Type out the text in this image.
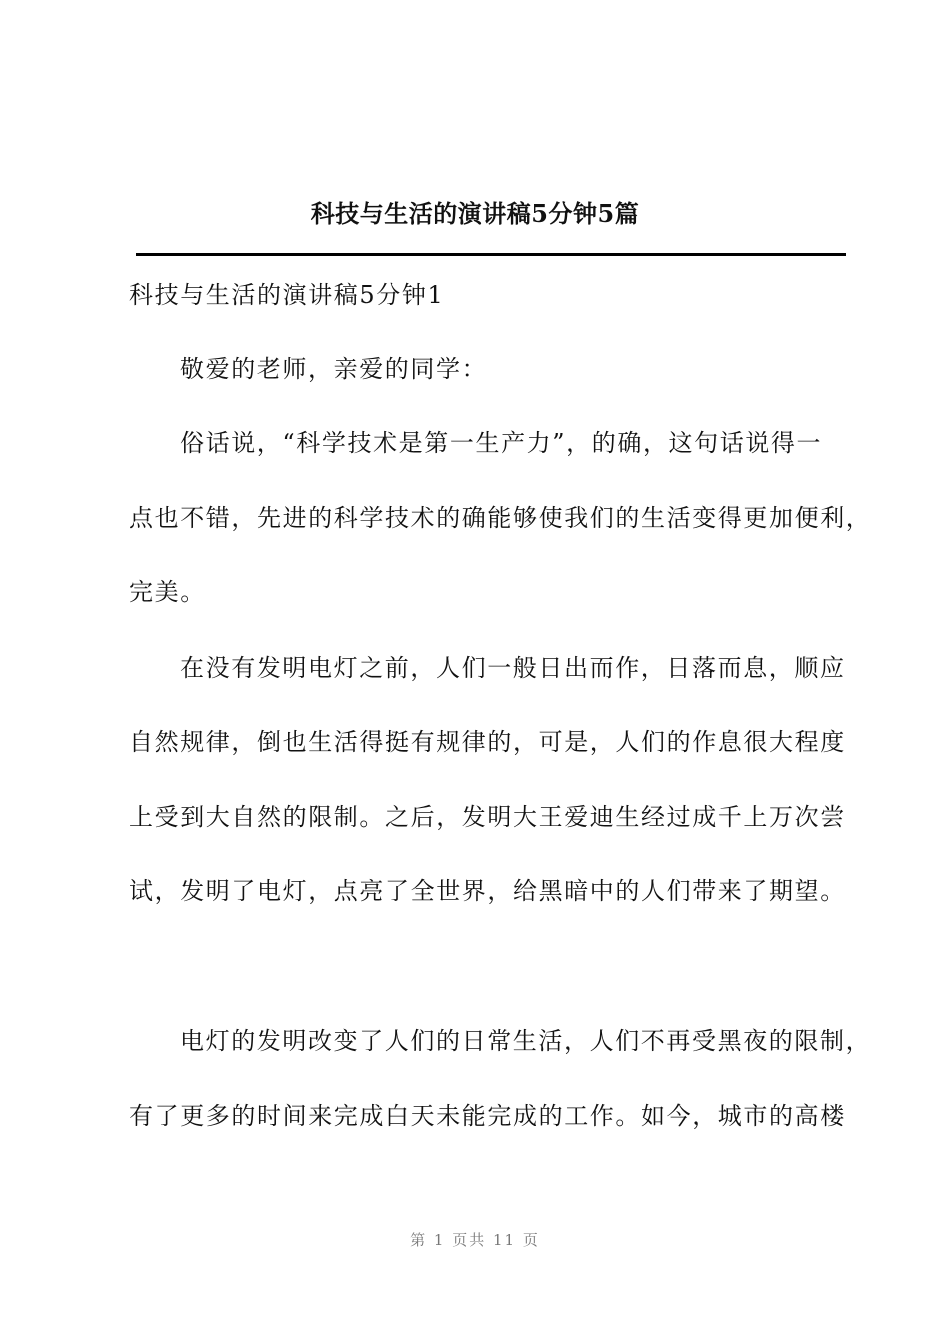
科技与生活的演讲稿5分钟5篇
科技与生活的演讲稿5分钟1
敬爱的老师，亲爱的同学：
俗话说，“科学技术是第一生产力”，的确，这句话说得一
点也不错，先进的科学技术的确能够使我们的生活变得更加便利，
完美。
在没有发明电灯之前，人们一般日出而作，日落而息，顺应
自然规律，倒也生活得挺有规律的，可是，人们的作息很大程度
上受到大自然的限制。之后，发明大王爱迪生经过成千上万次尝
试，发明了电灯，点亮了全世界，给黑暗中的人们带来了期望。
电灯的发明改变了人们的日常生活，人们不再受黑夜的限制，
有了更多的时间来完成白天未能完成的工作。如今，城市的高楼
第 1 页共 11 页
